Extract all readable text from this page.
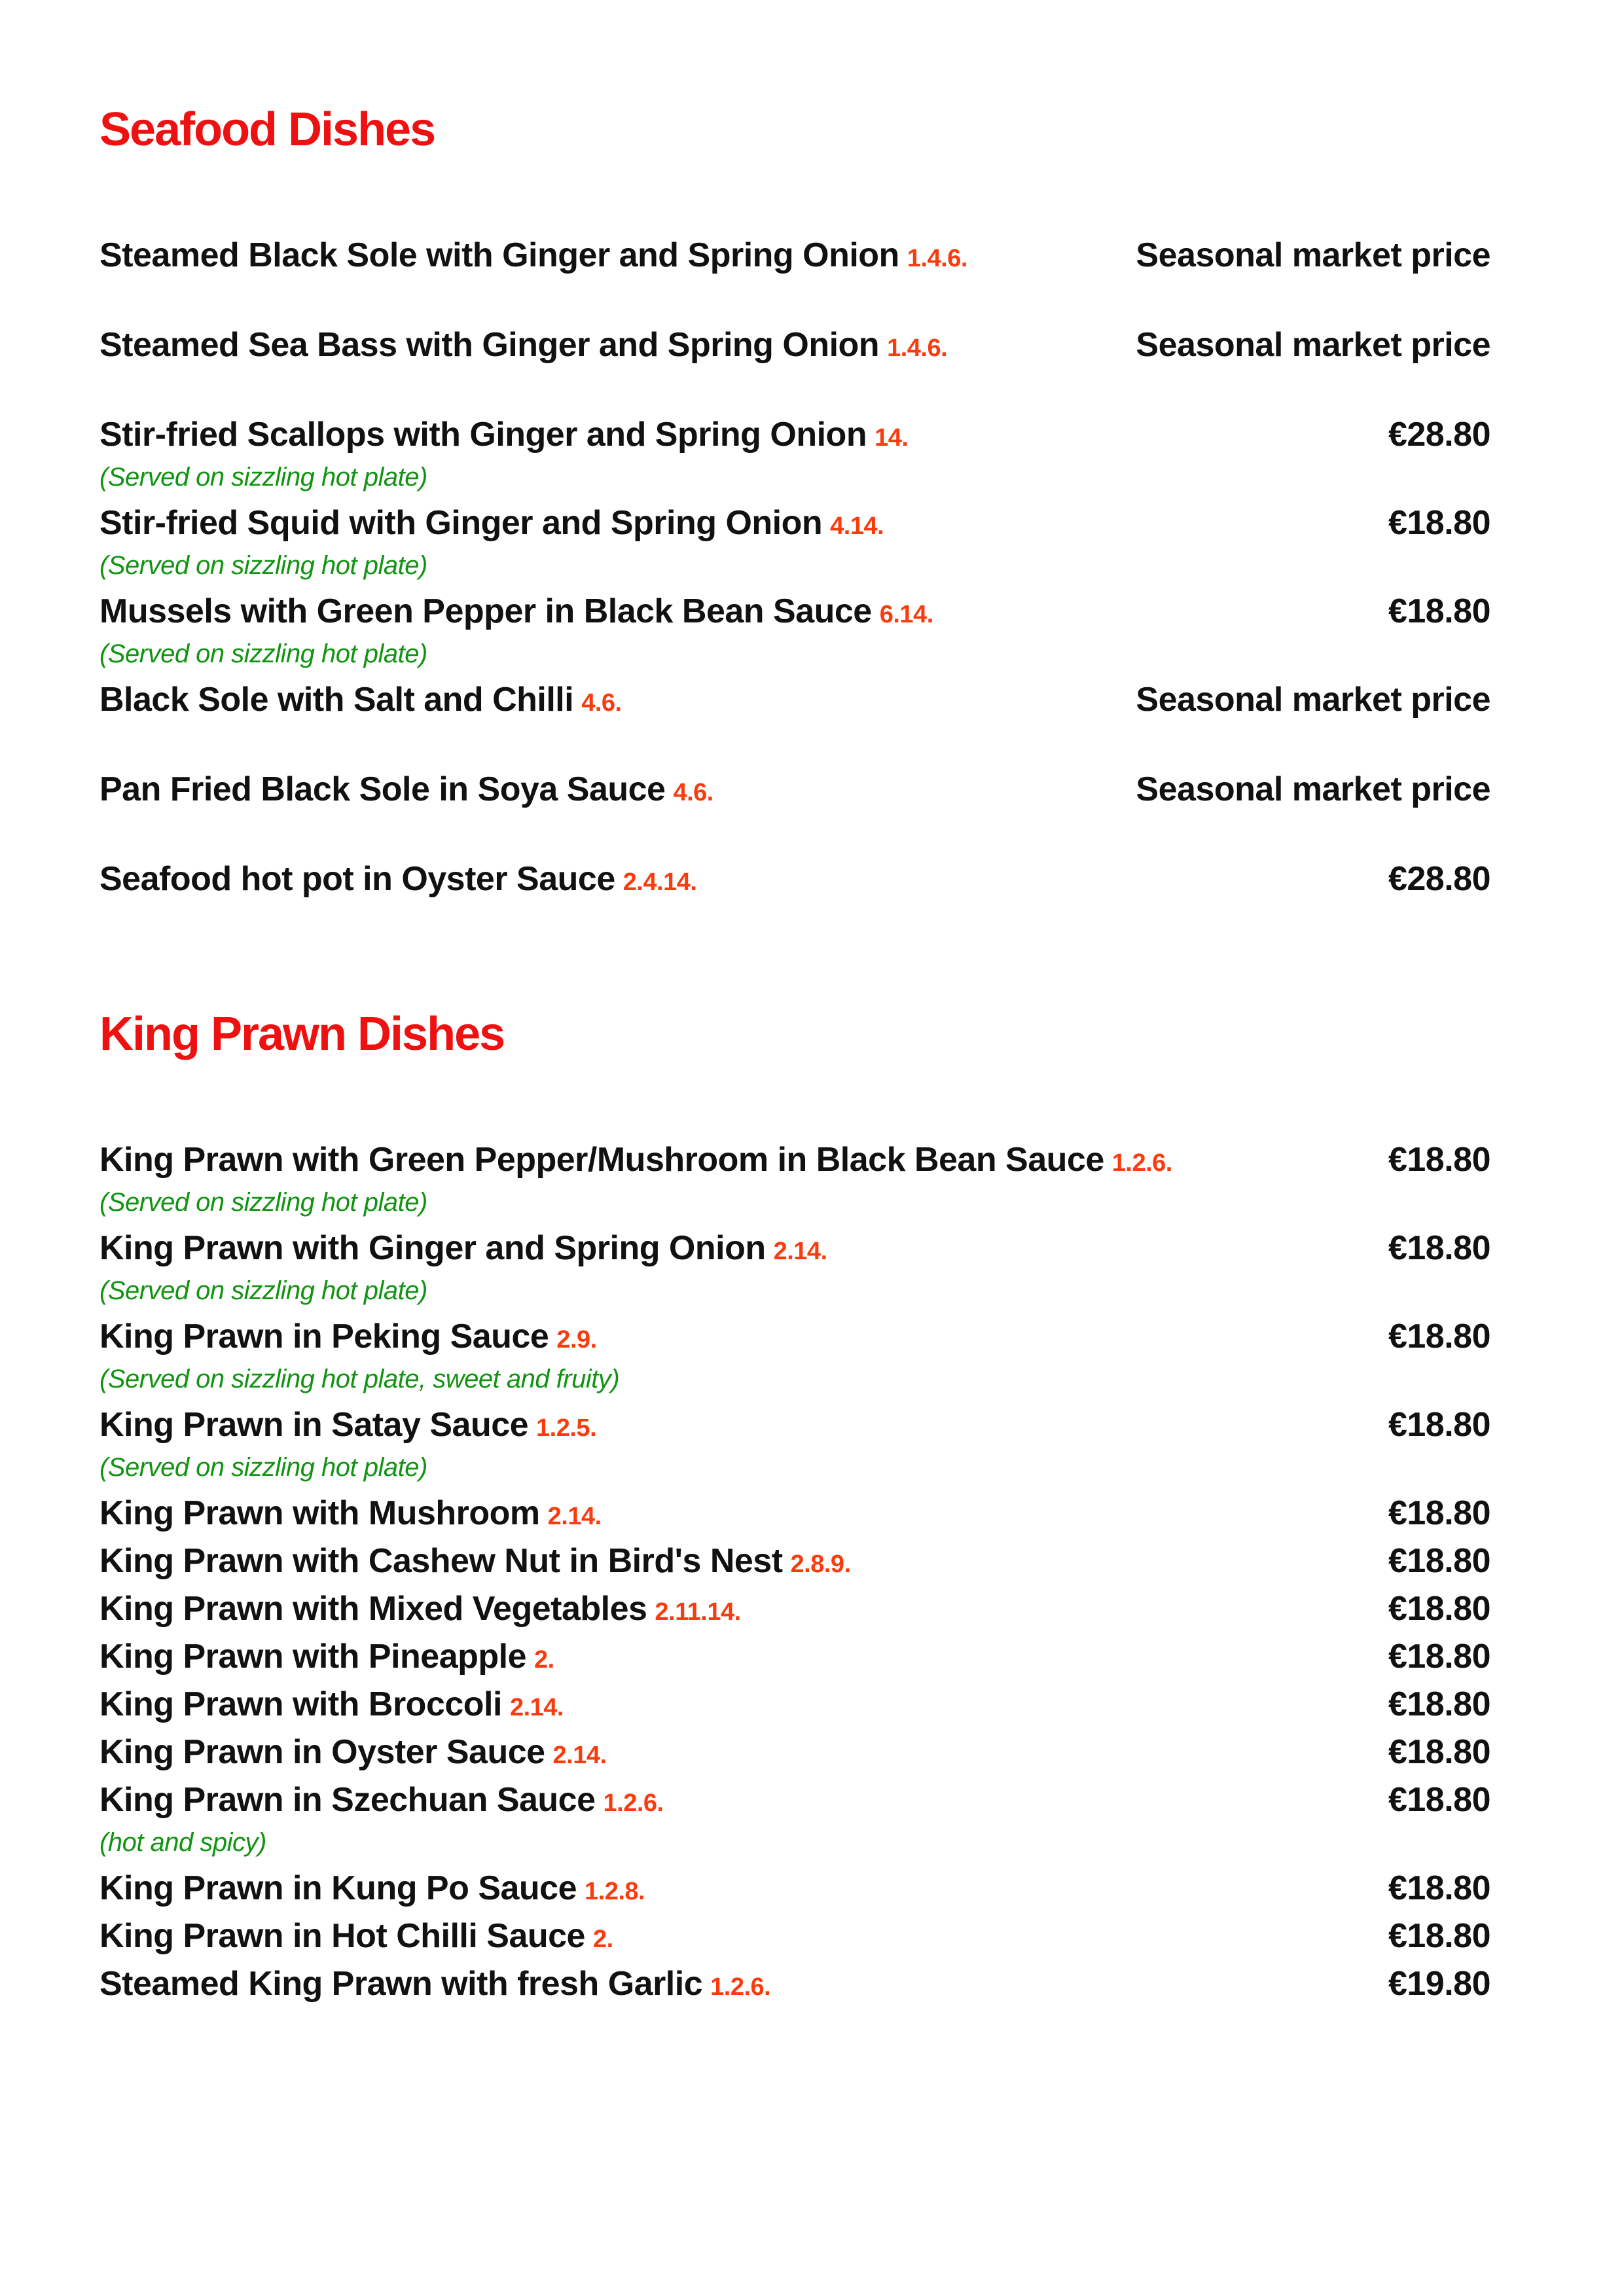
Seafood Dishes
Steamed Black Sole with Ginger and Spring Onion 1.4.6.	Seasonal market price
Steamed Sea Bass with Ginger and Spring Onion 1.4.6.	Seasonal market price
Stir-fried Scallops with Ginger and Spring Onion 14.	€28.80
(Served on sizzling hot plate)
Stir-fried Squid with Ginger and Spring Onion 4.14.	€18.80
(Served on sizzling hot plate)
Mussels with Green Pepper in Black Bean Sauce 6.14.	€18.80
(Served on sizzling hot plate)
Black Sole with Salt and Chilli 4.6.	Seasonal market price
Pan Fried Black Sole in Soya Sauce 4.6.	Seasonal market price
Seafood hot pot in Oyster Sauce 2.4.14.	€28.80
King Prawn Dishes
King Prawn with Green Pepper/Mushroom in Black Bean Sauce 1.2.6.	€18.80
(Served on sizzling hot plate)
King Prawn with Ginger and Spring Onion 2.14.	€18.80
(Served on sizzling hot plate)
King Prawn in Peking Sauce 2.9.	€18.80
(Served on sizzling hot plate, sweet and fruity)
King Prawn in Satay Sauce 1.2.5.	€18.80
(Served on sizzling hot plate)
King Prawn with Mushroom 2.14.	€18.80
King Prawn with Cashew Nut in Bird's Nest 2.8.9.	€18.80
King Prawn with Mixed Vegetables 2.11.14.	€18.80
King Prawn with Pineapple 2.	€18.80
King Prawn with Broccoli 2.14.	€18.80
King Prawn in Oyster Sauce 2.14.	€18.80
King Prawn in Szechuan Sauce 1.2.6.	€18.80
(hot and spicy)
King Prawn in Kung Po Sauce 1.2.8.	€18.80
King Prawn in Hot Chilli Sauce 2.	€18.80
Steamed King Prawn with fresh Garlic 1.2.6.	€19.80
